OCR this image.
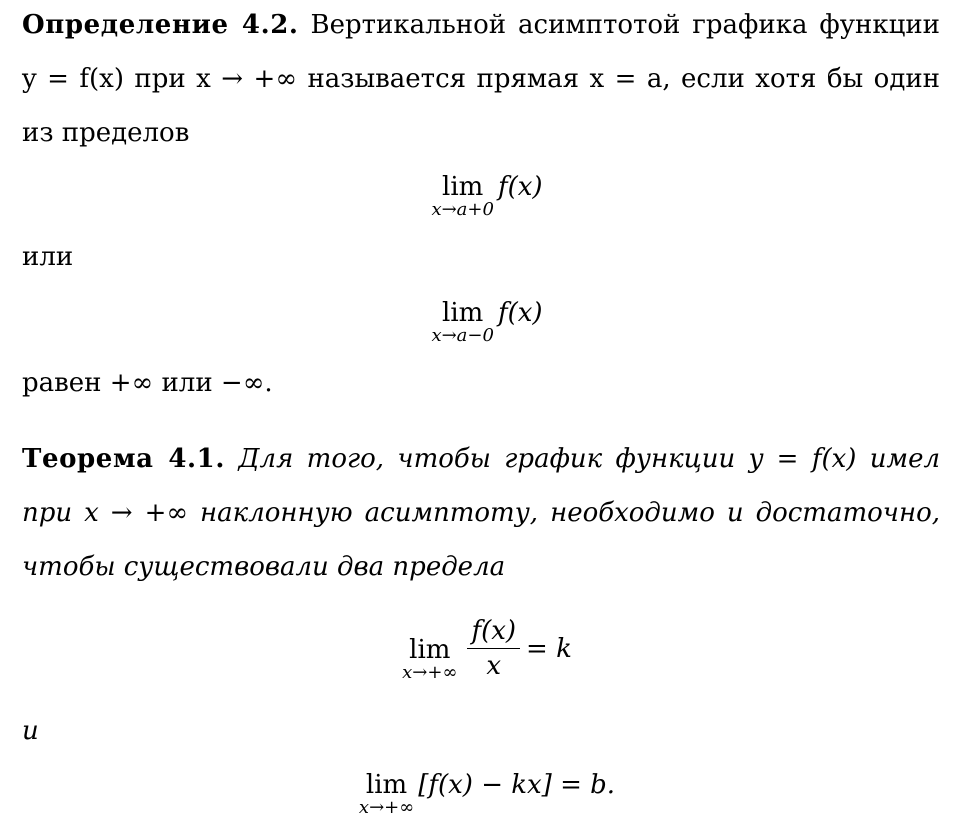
Определение 4.2. Вертикальной асимптотой графика функции
y = f(x) при x → +∞ называется прямая x = a, если хотя бы один
из пределов
lim
x→a+0
f(x)
или
lim
x→a−0
f(x)
равен +∞ или −∞.
Теорема 4.1. Для того, чтобы график функции y = f(x) имел
при x → +∞ наклонную асимптоту, необходимо и достаточно,
чтобы существовали два предела
lim
$x\to+\infty \frac{f(x)}{x} = k$
и
lim
x→+∞
[f(x) − kx] = b.
